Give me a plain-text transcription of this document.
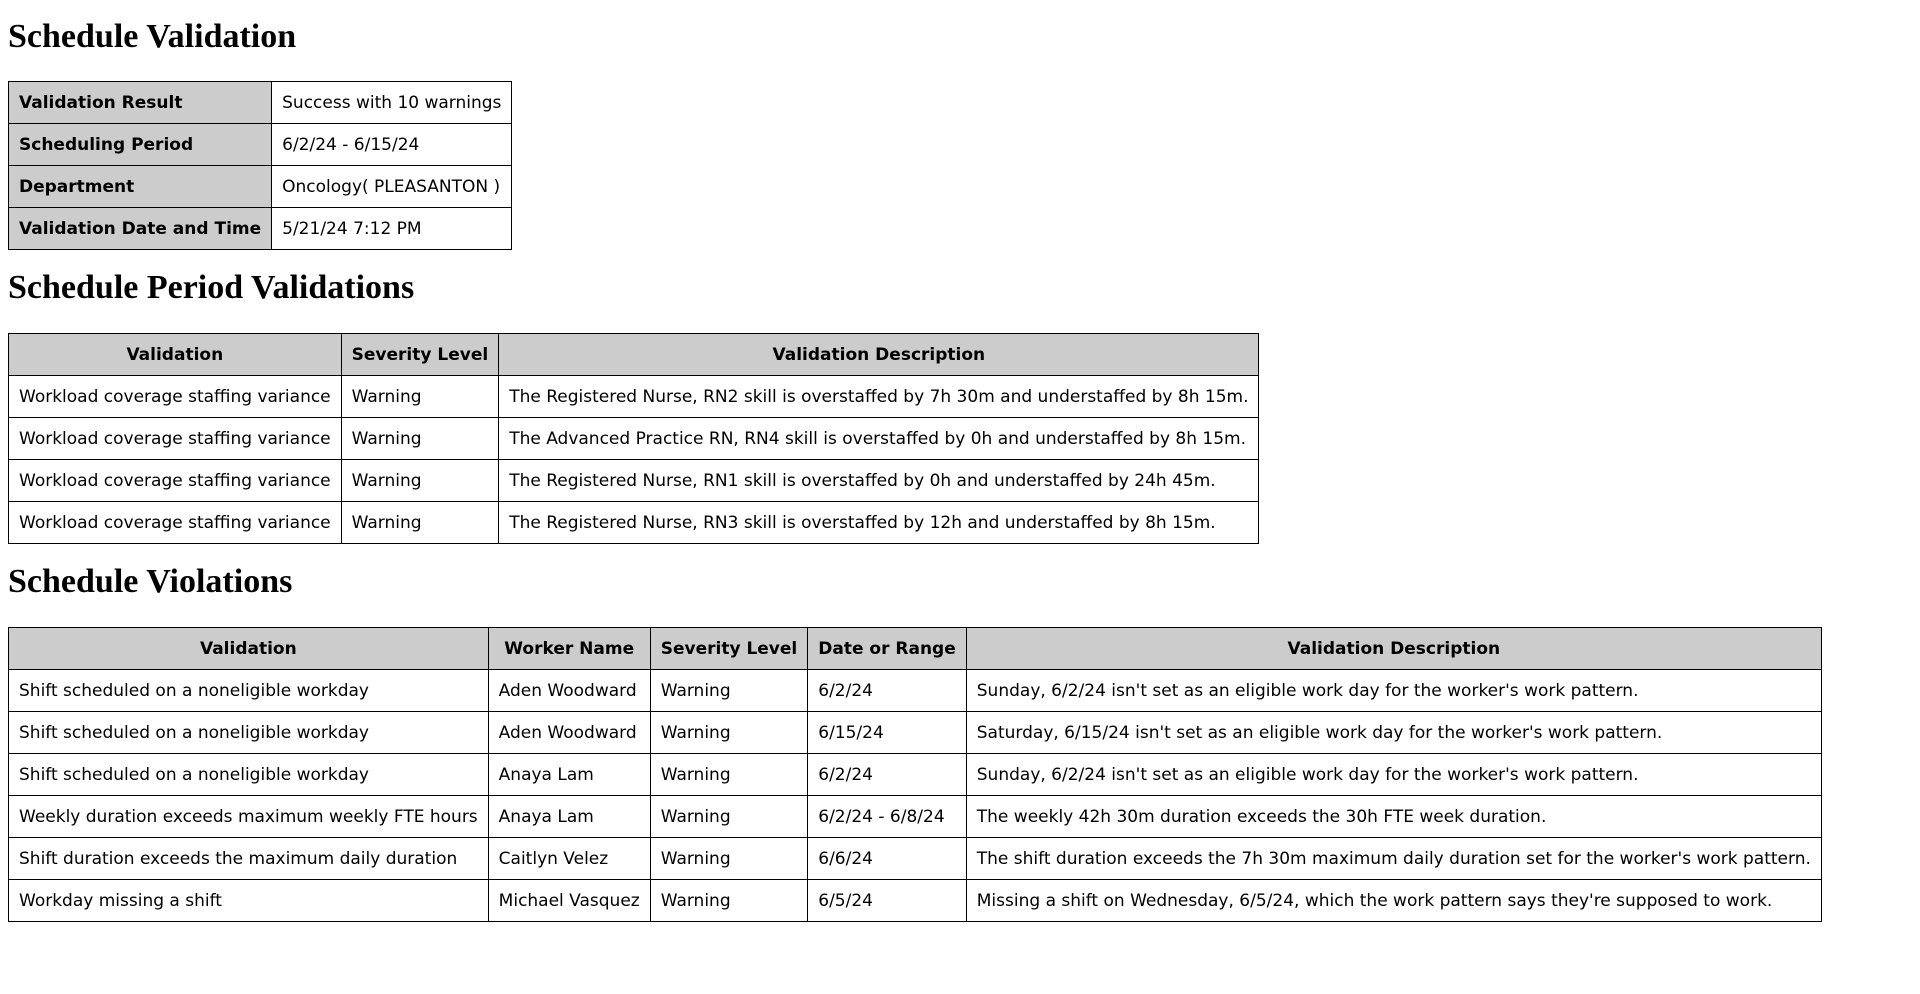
Schedule Validation
Validation Result	Success with 10 warnings
Scheduling Period	6/2/24 - 6/15/24
Department	Oncology( PLEASANTON )
Validation Date and Time	5/21/24 7:12 PM
Schedule Period Validations
Validation	Severity Level	Validation Description
Workload coverage staffing variance	Warning	The Registered Nurse, RN2 skill is overstaffed by 7h 30m and understaffed by 8h 15m.
Workload coverage staffing variance	Warning	The Advanced Practice RN, RN4 skill is overstaffed by 0h and understaffed by 8h 15m.
Workload coverage staffing variance	Warning	The Registered Nurse, RN1 skill is overstaffed by 0h and understaffed by 24h 45m.
Workload coverage staffing variance	Warning	The Registered Nurse, RN3 skill is overstaffed by 12h and understaffed by 8h 15m.
Schedule Violations
Validation	Worker Name	Severity Level	Date or Range	Validation Description
Shift scheduled on a noneligible workday	Aden Woodward	Warning	6/2/24	Sunday, 6/2/24 isn't set as an eligible work day for the worker's work pattern.
Shift scheduled on a noneligible workday	Aden Woodward	Warning	6/15/24	Saturday, 6/15/24 isn't set as an eligible work day for the worker's work pattern.
Shift scheduled on a noneligible workday	Anaya Lam	Warning	6/2/24	Sunday, 6/2/24 isn't set as an eligible work day for the worker's work pattern.
Weekly duration exceeds maximum weekly FTE hours	Anaya Lam	Warning	6/2/24 - 6/8/24	The weekly 42h 30m duration exceeds the 30h FTE week duration.
Shift duration exceeds the maximum daily duration	Caitlyn Velez	Warning	6/6/24	The shift duration exceeds the 7h 30m maximum daily duration set for the worker's work pattern.
Workday missing a shift	Michael Vasquez	Warning	6/5/24	Missing a shift on Wednesday, 6/5/24, which the work pattern says they're supposed to work.
